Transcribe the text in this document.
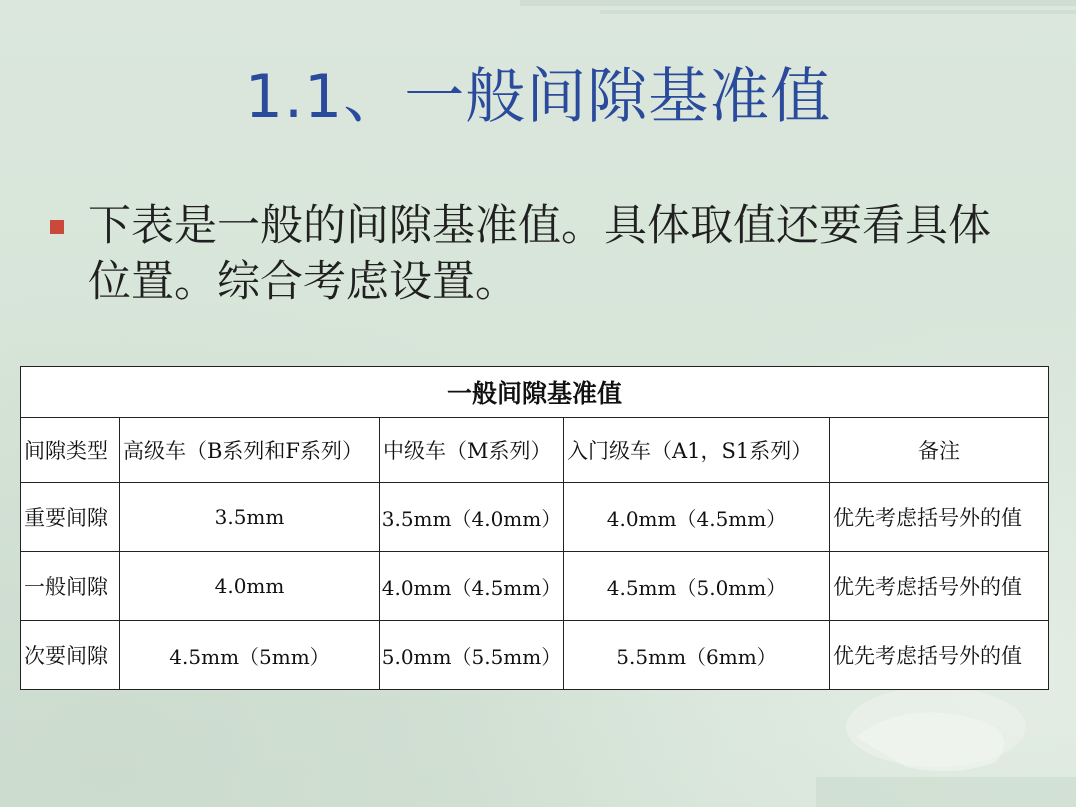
1.1、一般间隙基准值
下表是一般的间隙基准值。具体取值还要看具体位置。综合考虑设置。
一般间隙基准值				
间隙类型	高级车（B系列和F系列）	中级车（M系列）	入门级车（A1，S1系列）	备注
重要间隙	3.5mm	3.5mm（4.0mm）	4.0mm（4.5mm）	优先考虑括号外的值
一般间隙	4.0mm	4.0mm（4.5mm）	4.5mm（5.0mm）	优先考虑括号外的值
次要间隙	4.5mm（5mm）	5.0mm（5.5mm）	5.5mm（6mm）	优先考虑括号外的值
